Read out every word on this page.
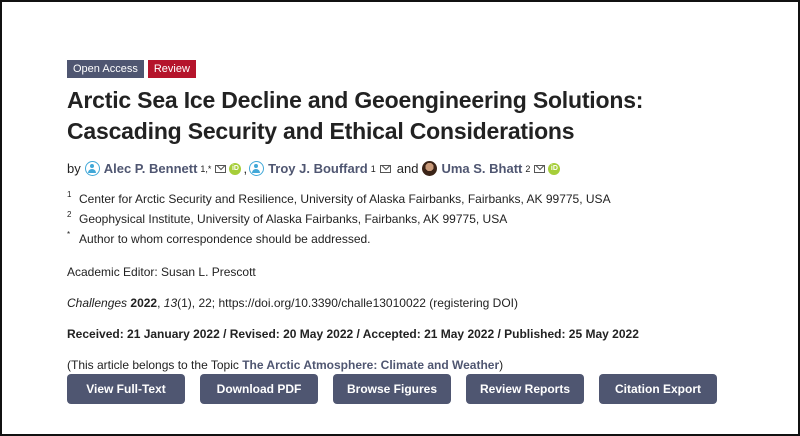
Open Access	Review
Arctic Sea Ice Decline and Geoengineering Solutions:
Cascading Security and Ethical Considerations
by Alec P. Bennett 1,*	iD , Troy J. Bouffard 1 and Uma S. Bhatt 2	iD
1 Center for Arctic Security and Resilience, University of Alaska Fairbanks, Fairbanks, AK 99775, USA
2 Geophysical Institute, University of Alaska Fairbanks, Fairbanks, AK 99775, USA
* Author to whom correspondence should be addressed.

Academic Editor: Susan L. Prescott

Challenges 2022, 13(1), 22; https://doi.org/10.3390/challe13010022 (registering DOI)

Received: 21 January 2022 / Revised: 20 May 2022 / Accepted: 21 May 2022 / Published: 25 May 2022

(This article belongs to the Topic The Arctic Atmosphere: Climate and Weather)

View Full-Text	Download PDF	Browse Figures	Review Reports	Citation Export
